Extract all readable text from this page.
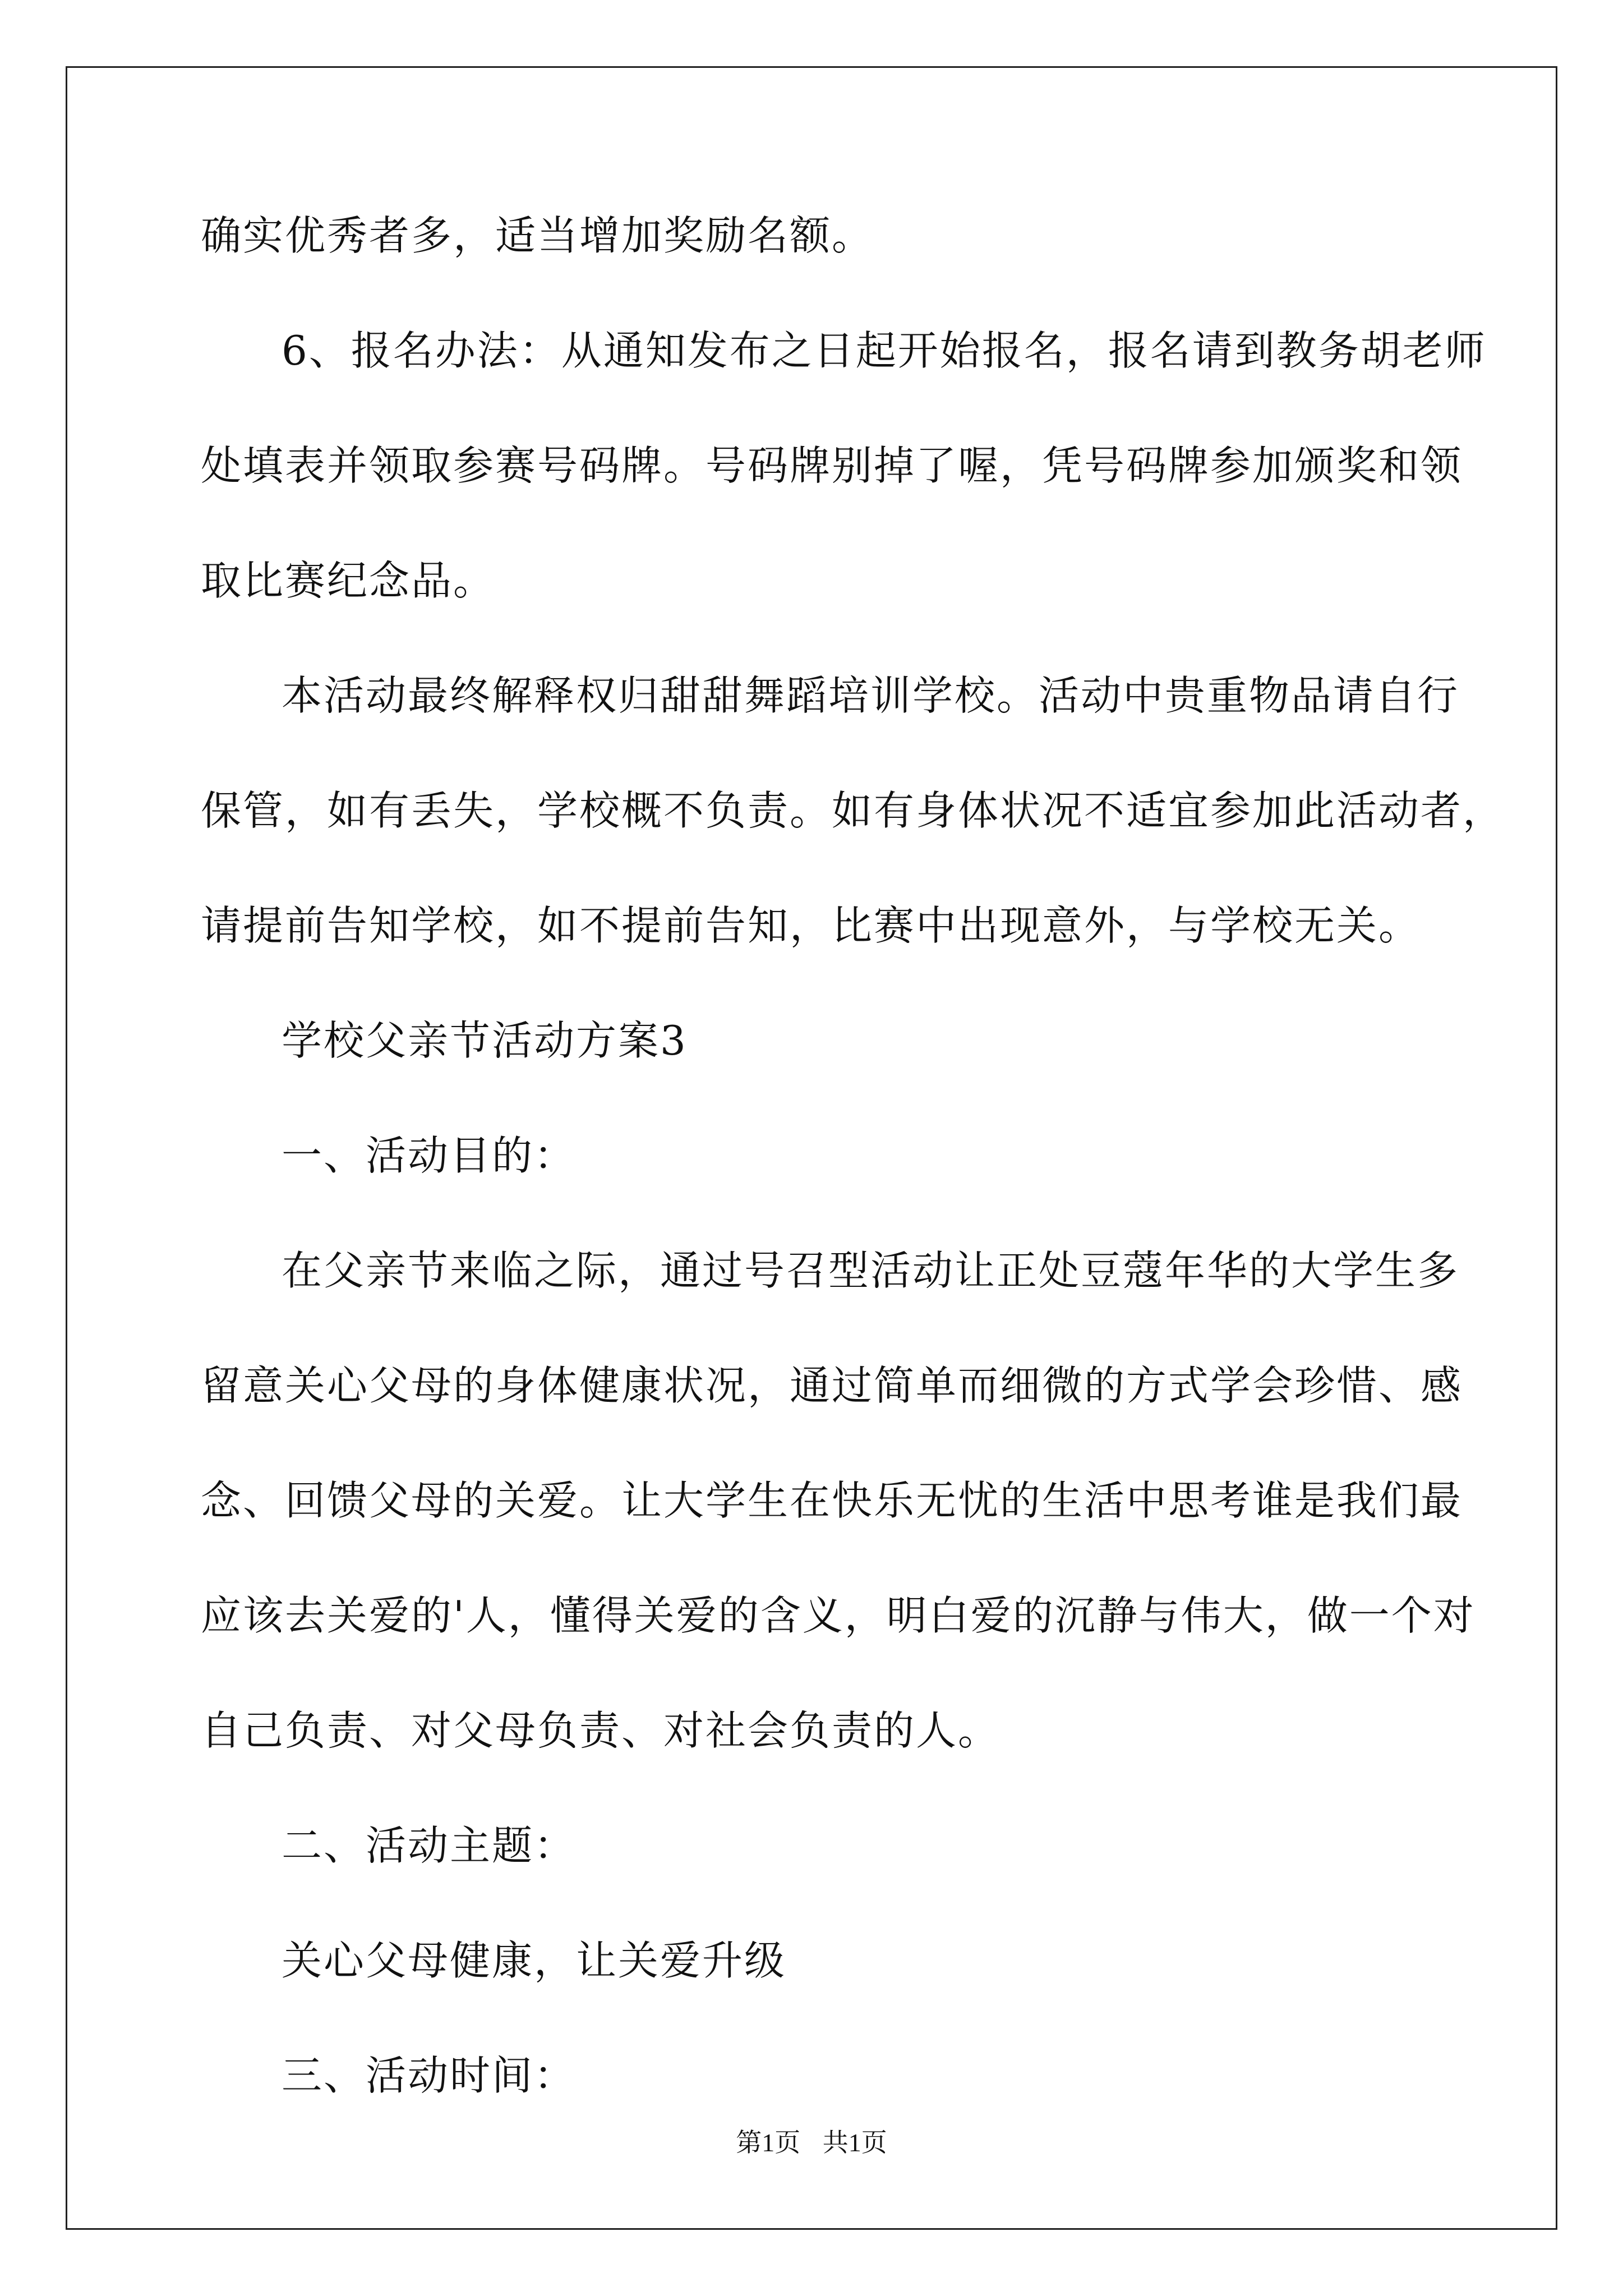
确实优秀者多，适当增加奖励名额。
6、报名办法：从通知发布之日起开始报名，报名请到教务胡老师
处填表并领取参赛号码牌。号码牌别掉了喔，凭号码牌参加颁奖和领
取比赛纪念品。
本活动最终解释权归甜甜舞蹈培训学校。活动中贵重物品请自行
保管，如有丢失，学校概不负责。如有身体状况不适宜参加此活动者，
请提前告知学校，如不提前告知，比赛中出现意外，与学校无关。
学校父亲节活动方案3
一、活动目的：
在父亲节来临之际，通过号召型活动让正处豆蔻年华的大学生多
留意关心父母的身体健康状况，通过简单而细微的方式学会珍惜、感
念、回馈父母的关爱。让大学生在快乐无忧的生活中思考谁是我们最
应该去关爱的'人，懂得关爱的含义，明白爱的沉静与伟大，做一个对
自己负责、对父母负责、对社会负责的人。
二、活动主题：
关心父母健康，让关爱升级
三、活动时间：
第1页 共1页
